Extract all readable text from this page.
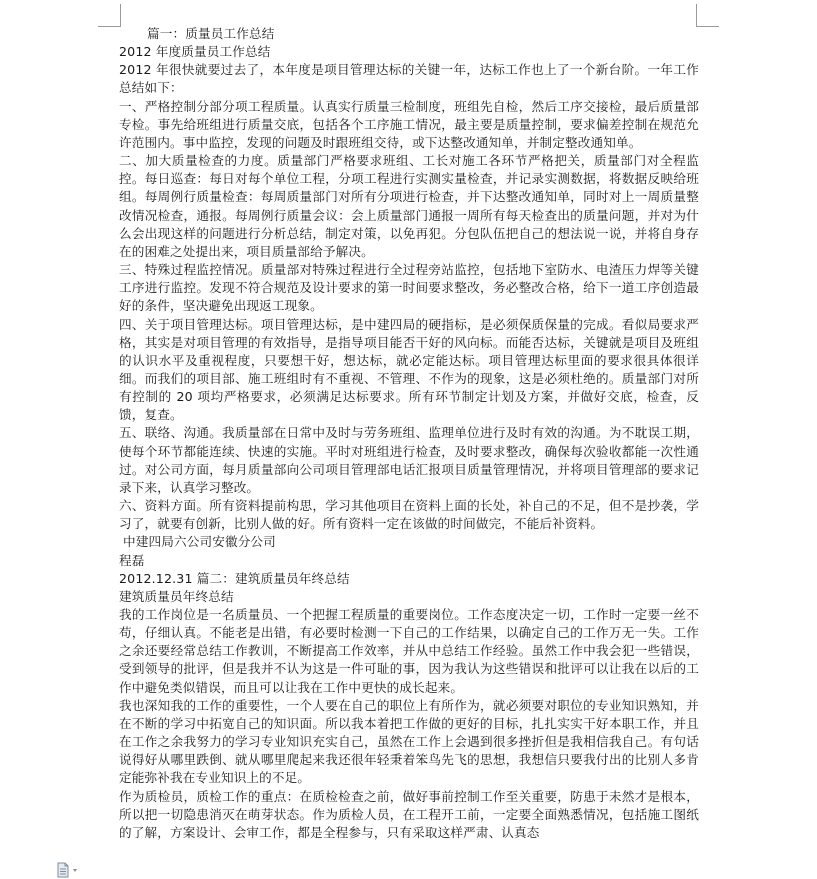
篇一：质量员工作总结

2012 年度质量员工作总结

2012 年很快就要过去了，本年度是项目管理达标的关键一年，达标工作也上了一个新台阶。一年工作总结如下：

一、严格控制分部分项工程质量。认真实行质量三检制度，班组先自检，然后工序交接检，最后质量部专检。事先给班组进行质量交底，包括各个工序施工情况，最主要是质量控制，要求偏差控制在规范允许范围内。事中监控，发现的问题及时跟班组交待，或下达整改通知单，并制定整改通知单。

二、加大质量检查的力度。质量部门严格要求班组、工长对施工各环节严格把关，质量部门对全程监控。每日巡查：每日对每个单位工程，分项工程进行实测实量检查，并记录实测数据，将数据反映给班组。每周例行质量检查：每周质量部门对所有分项进行检查，并下达整改通知单，同时对上一周质量整改情况检查，通报。每周例行质量会议：会上质量部门通报一周所有每天检查出的质量问题，并对为什么会出现这样的问题进行分析总结，制定对策，以免再犯。分包队伍把自己的想法说一说，并将自身存在的困难之处提出来，项目质量部给予解决。

三、特殊过程监控情况。质量部对特殊过程进行全过程旁站监控，包括地下室防水、电渣压力焊等关键工序进行监控。发现不符合规范及设计要求的第一时间要求整改，务必整改合格，给下一道工序创造最好的条件，坚决避免出现返工现象。

四、关于项目管理达标。项目管理达标，是中建四局的硬指标，是必须保质保量的完成。看似局要求严格，其实是对项目管理的有效指导，是指导项目能否干好的风向标。而能否达标，关键就是项目及班组的认识水平及重视程度，只要想干好，想达标，就必定能达标。项目管理达标里面的要求很具体很详细。而我们的项目部、施工班组时有不重视、不管理、不作为的现象，这是必须杜绝的。质量部门对所有控制的 20 项均严格要求，必须满足达标要求。所有环节制定计划及方案，并做好交底，检查，反馈，复查。

五、联络、沟通。我质量部在日常中及时与劳务班组、监理单位进行及时有效的沟通。为不耽误工期，使每个环节都能连续、快速的实施。平时对班组进行检查，及时要求整改，确保每次验收都能一次性通过。对公司方面，每月质量部向公司项目管理部电话汇报项目质量管理情况，并将项目管理部的要求记录下来，认真学习整改。

六、资料方面。所有资料提前构思，学习其他项目在资料上面的长处，补自己的不足，但不是抄袭，学习了，就要有创新，比别人做的好。所有资料一定在该做的时间做完，不能后补资料。

中建四局六公司安徽分公司

程磊

2012.12.31 篇二：建筑质量员年终总结

建筑质量员年终总结

我的工作岗位是一名质量员、一个把握工程质量的重要岗位。工作态度决定一切，工作时一定要一丝不苟，仔细认真。不能老是出错，有必要时检测一下自己的工作结果，以确定自己的工作万无一失。工作之余还要经常总结工作教训，不断提高工作效率，并从中总结工作经验。虽然工作中我会犯一些错误，受到领导的批评，但是我并不认为这是一件可耻的事，因为我认为这些错误和批评可以让我在以后的工作中避免类似错误，而且可以让我在工作中更快的成长起来。

我也深知我的工作的重要性，一个人要在自己的职位上有所作为，就必须要对职位的专业知识熟知，并在不断的学习中拓宽自己的知识面。所以我本着把工作做的更好的目标，扎扎实实干好本职工作，并且在工作之余我努力的学习专业知识充实自己，虽然在工作上会遇到很多挫折但是我相信我自己。有句话说得好从哪里跌倒、就从哪里爬起来我还很年轻秉着笨鸟先飞的思想，我想信只要我付出的比别人多肯定能弥补我在专业知识上的不足。

作为质检员，质检工作的重点：在质检检查之前，做好事前控制工作至关重要，防患于未然才是根本，所以把一切隐患消灭在萌芽状态。作为质检人员，在工程开工前，一定要全面熟悉情况，包括施工图纸的了解，方案设计、会审工作，都是全程参与，只有采取这样严肃、认真态
